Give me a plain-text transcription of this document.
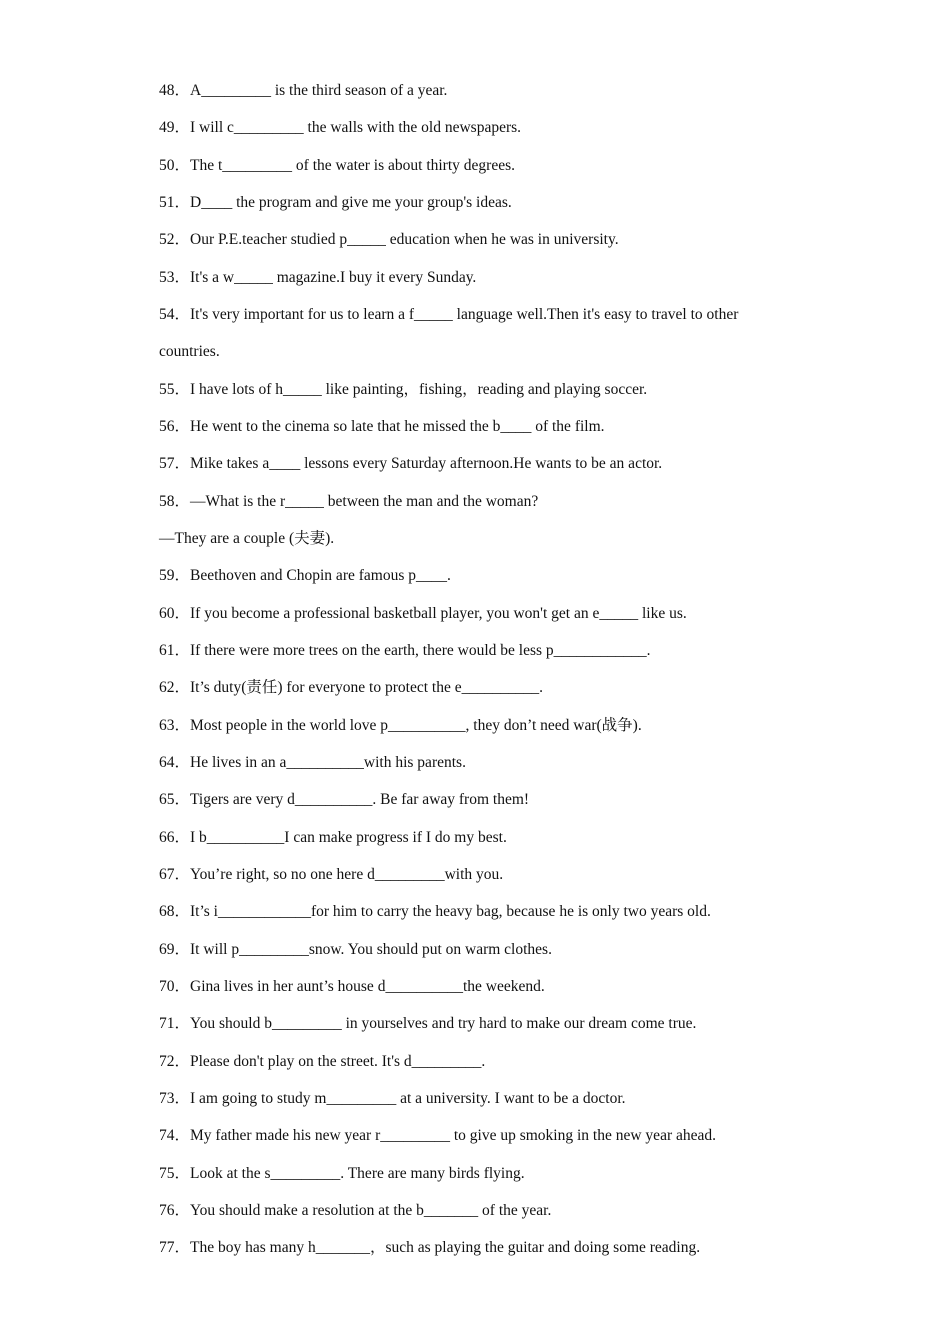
48．A_________ is the third season of a year.
49．I will c_________ the walls with the old newspapers.
50．The t_________ of the water is about thirty degrees.
51．D____ the program and give me your group's ideas.
52．Our P.E.teacher studied p_____ education when he was in university.
53．It's a w_____ magazine.I buy it every Sunday.
54．It's very important for us to learn a f_____ language well.Then it's easy to travel to other
countries.
55．I have lots of h_____ like painting，fishing，reading and playing soccer.
56．He went to the cinema so late that he missed the b____ of the film.
57．Mike takes a____ lessons every Saturday afternoon.He wants to be an actor.
58．—What is the r_____ between the man and the woman?
—They are a couple (夫妻).
59．Beethoven and Chopin are famous p____.
60．If you become a professional basketball player, you won't get an e_____ like us.
61．If there were more trees on the earth, there would be less p____________.
62．It’s duty(责任) for everyone to protect the e__________.
63．Most people in the world love p__________, they don’t need war(战争).
64．He lives in an a__________with his parents.
65．Tigers are very d__________. Be far away from them!
66．I b__________I can make progress if I do my best.
67．You’re right, so no one here d_________with you.
68．It’s i____________for him to carry the heavy bag, because he is only two years old.
69．It will p_________snow. You should put on warm clothes.
70．Gina lives in her aunt’s house d__________the weekend.
71．You should b_________ in yourselves and try hard to make our dream come true.
72．Please don't play on the street. It's d_________.
73．I am going to study m_________ at a university. I want to be a doctor.
74．My father made his new year r_________ to give up smoking in the new year ahead.
75．Look at the s_________. There are many birds flying.
76．You should make a resolution at the b_______ of the year.
77．The boy has many h_______，such as playing the guitar and doing some reading.
